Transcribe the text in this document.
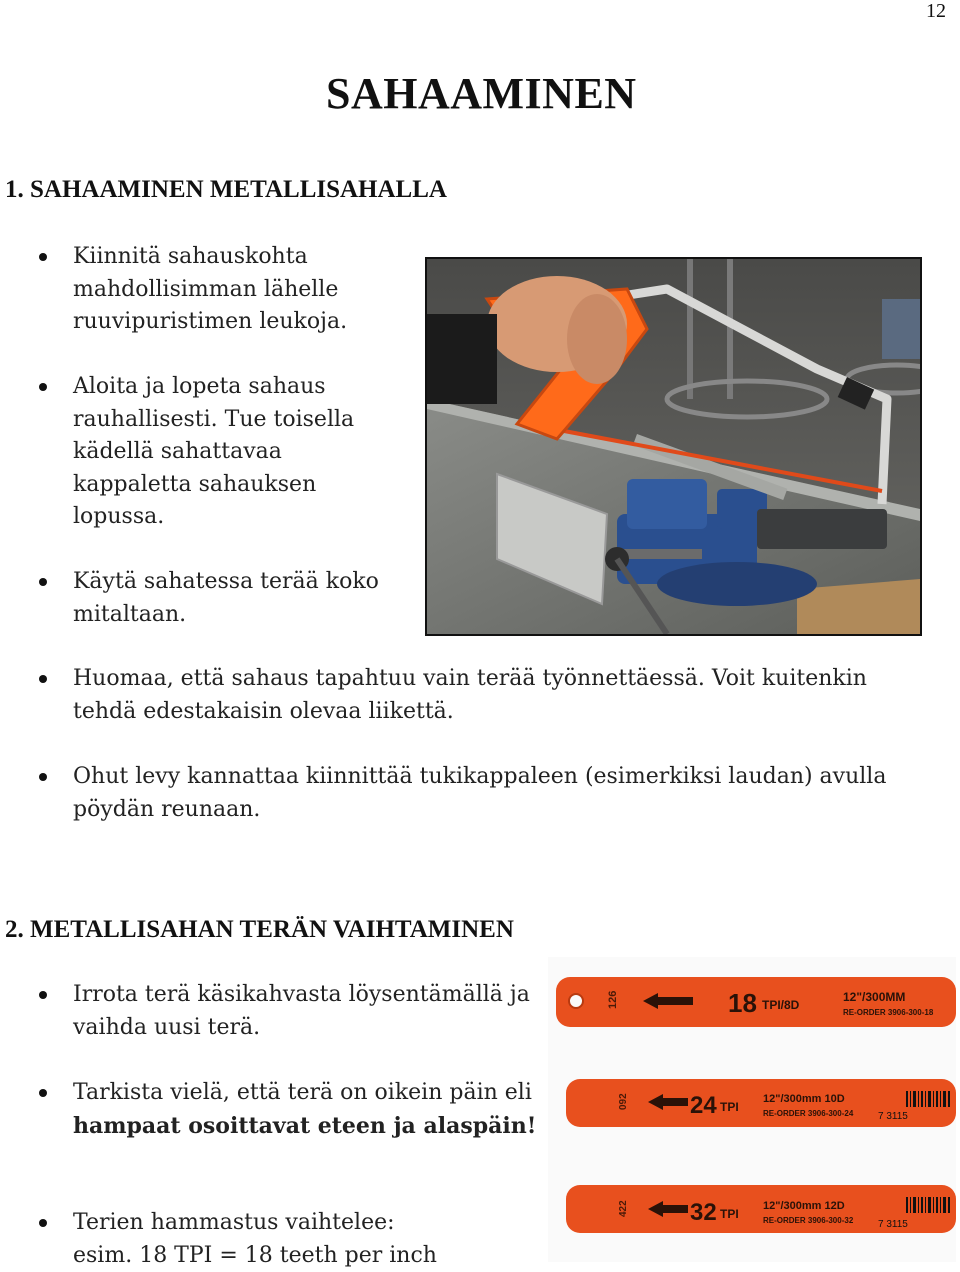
12
SAHAAMINEN
1. SAHAAMINEN METALLISAHALLA
Kiinnitä sahauskohta mahdollisimman lähelle ruuvipuristimen leukoja.
Aloita ja lopeta sahaus rauhallisesti. Tue toisella kädellä sahattavaa kappaletta sahauksen lopussa.
Käytä sahatessa terää koko mitaltaan.
Huomaa, että sahaus tapahtuu vain terää työnnettäessä. Voit kuitenkin tehdä edestakaisin olevaa liikettä.
Ohut levy kannattaa kiinnittää tukikappaleen (esimerkiksi laudan) avulla pöydän reunaan.
2. METALLISAHAN TERÄN VAIHTAMINEN
Irrota terä käsikahvasta löysentämällä ja vaihda uusi terä.
Tarkista vielä, että terä on oikein päin eli hampaat osoittavat eteen ja alaspäin!
Terien hammastus vaihtelee:
esim. 18 TPI = 18 teeth per inch
126	18 TPI/8D
12"/300MM
RE-ORDER 3906-300-18
092	24 TPI
12"/300mm 10D
RE-ORDER 3906-300-24 7 3115
422	32 TPI
12"/300mm 12D
RE-ORDER 3906-300-32 7 3115
